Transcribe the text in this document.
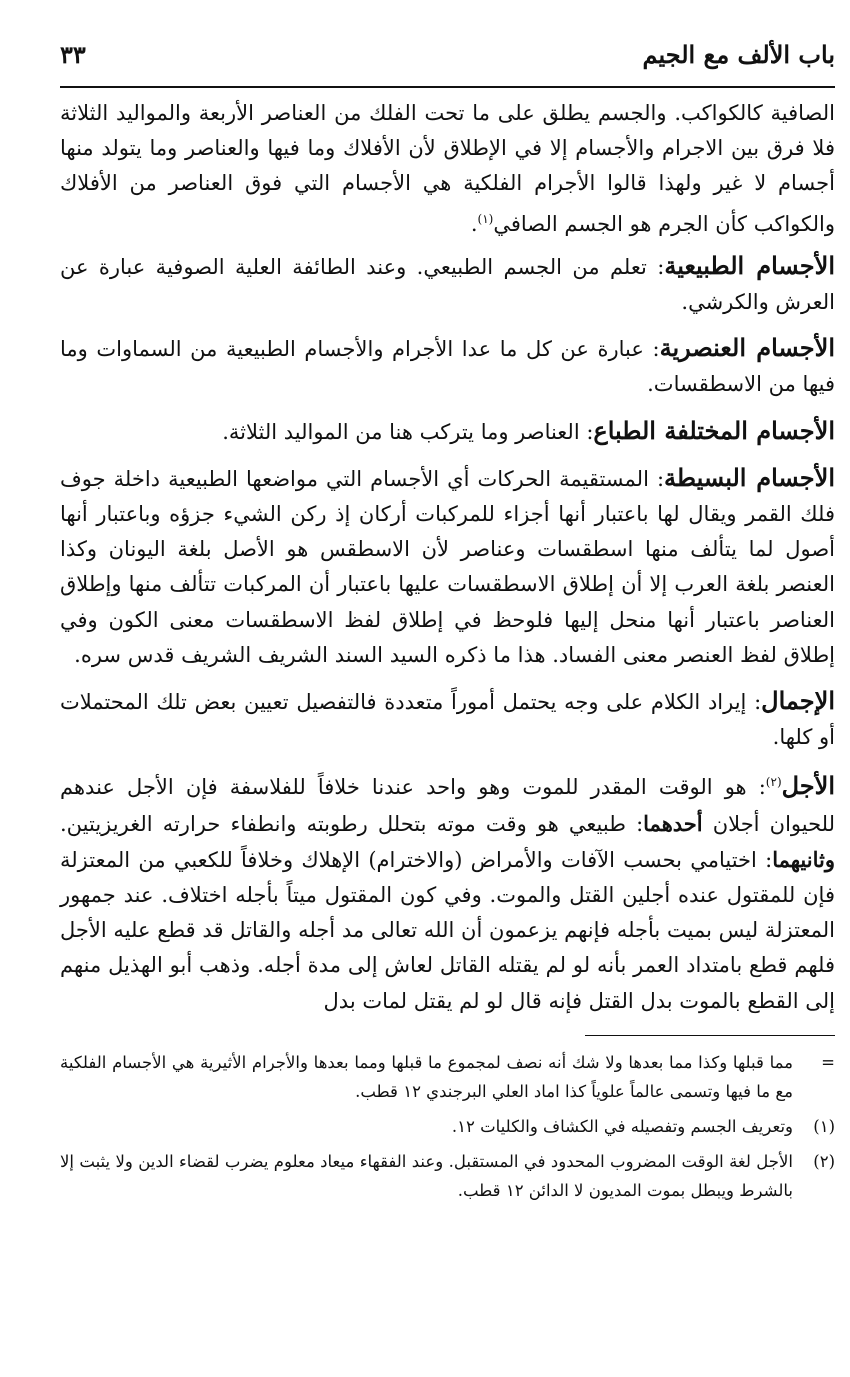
باب الألف مع الجيم
٣٣

الصافية كالكواكب. والجسم يطلق على ما تحت الفلك من العناصر الأربعة والمواليد الثلاثة فلا فرق بين الاجرام والأجسام إلا في الإطلاق لأن الأفلاك وما فيها والعناصر وما يتولد منها أجسام لا غير ولهذا قالوا الأجرام الفلكية هي الأجسام التي فوق العناصر من الأفلاك والكواكب كأن الجرم هو الجسم الصافي$^{(١)}$.

الأجسام الطبيعية: تعلم من الجسم الطبيعي. وعند الطائفة العلية الصوفية عبارة عن العرش والكرشي.

الأجسام العنصرية: عبارة عن كل ما عدا الأجرام والأجسام الطبيعية من السماوات وما فيها من الاسطقسات.

الأجسام المختلفة الطباع: العناصر وما يتركب هنا من المواليد الثلاثة.

الأجسام البسيطة: المستقيمة الحركات أي الأجسام التي مواضعها الطبيعية داخلة جوف فلك القمر ويقال لها باعتبار أنها أجزاء للمركبات أركان إذ ركن الشيء جزؤه وباعتبار أنها أصول لما يتألف منها اسطقسات وعناصر لأن الاسطقس هو الأصل بلغة اليونان وكذا العنصر بلغة العرب إلا أن إطلاق الاسطقسات عليها باعتبار أن المركبات تتألف منها وإطلاق العناصر باعتبار أنها منحل إليها فلوحظ في إطلاق لفظ الاسطقسات معنى الكون وفي إطلاق لفظ العنصر معنى الفساد. هذا ما ذكره السيد السند الشريف الشريف قدس سره.

الإجمال: إيراد الكلام على وجه يحتمل أموراً متعددة فالتفصيل تعيين بعض تلك المحتملات أو كلها.

الأجل$^{(٢)}$: هو الوقت المقدر للموت وهو واحد عندنا خلافاً للفلاسفة فإن الأجل عندهم للحيوان أجلان أحدهما: طبيعي هو وقت موته بتحلل رطوبته وانطفاء حرارته الغريزيتين. وثانيهما: اختيامي بحسب الآفات والأمراض (والاخترام) الإهلاك وخلافاً للكعبي من المعتزلة فإن للمقتول عنده أجلين القتل والموت. وفي كون المقتول ميتاً بأجله اختلاف. عند جمهور المعتزلة ليس بميت بأجله فإنهم يزعمون أن الله تعالى مد أجله والقاتل قد قطع عليه الأجل فلهم قطع بامتداد العمر بأنه لو لم يقتله القاتل لعاش إلى مدة أجله. وذهب أبو الهذيل منهم إلى القطع بالموت بدل القتل فإنه قال لو لم يقتل لمات بدل

=
مما قبلها وكذا مما بعدها ولا شك أنه نصف لمجموع ما قبلها ومما بعدها والأجرام الأثيرية هي الأجسام الفلكية مع ما فيها وتسمى عالماً علوياً كذا اماد العلي البرجندي ١٢ قطب.
(١)
وتعريف الجسم وتفصيله في الكشاف والكليات ١٢.
(٢)
الأجل لغة الوقت المضروب المحدود في المستقبل. وعند الفقهاء ميعاد معلوم يضرب لقضاء الدين ولا يثبت إلا بالشرط ويبطل بموت المديون لا الدائن ١٢ قطب.
